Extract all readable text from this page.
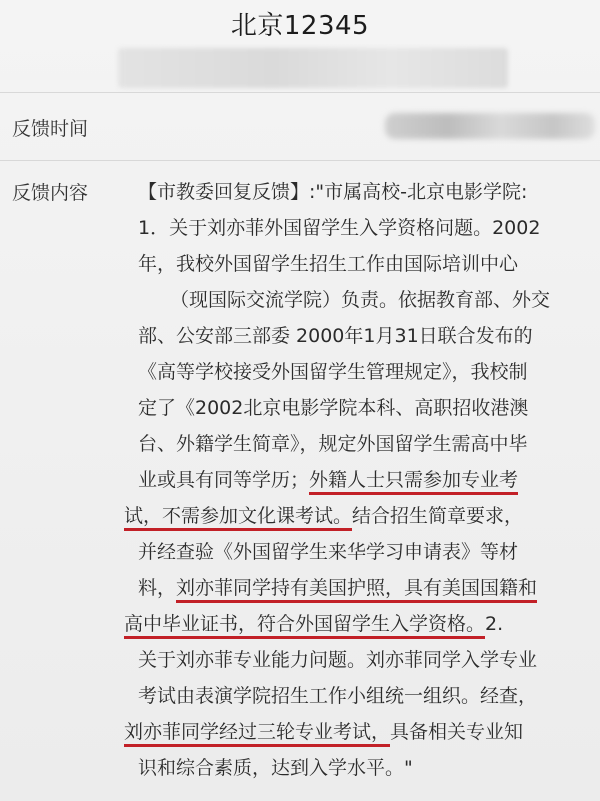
北京12345
反馈时间
反馈内容	【市教委回复反馈】:"市属高校-北京电影学院:
1．关于刘亦菲外国留学生入学资格问题。2002
年，我校外国留学生招生工作由国际培训中心
（现国际交流学院）负责。依据教育部、外交
部、公安部三部委 2000年1月31日联合发布的
《高等学校接受外国留学生管理规定》，我校制
定了《2002北京电影学院本科、高职招收港澳
台、外籍学生简章》，规定外国留学生需高中毕
业或具有同等学历；外籍人士只需参加专业考
试，不需参加文化课考试。结合招生简章要求，
并经查验《外国留学生来华学习申请表》等材
料，刘亦菲同学持有美国护照，具有美国国籍和
高中毕业证书，符合外国留学生入学资格。2.
关于刘亦菲专业能力问题。刘亦菲同学入学专业
考试由表演学院招生工作小组统一组织。经查，
刘亦菲同学经过三轮专业考试，具备相关专业知
识和综合素质，达到入学水平。"
